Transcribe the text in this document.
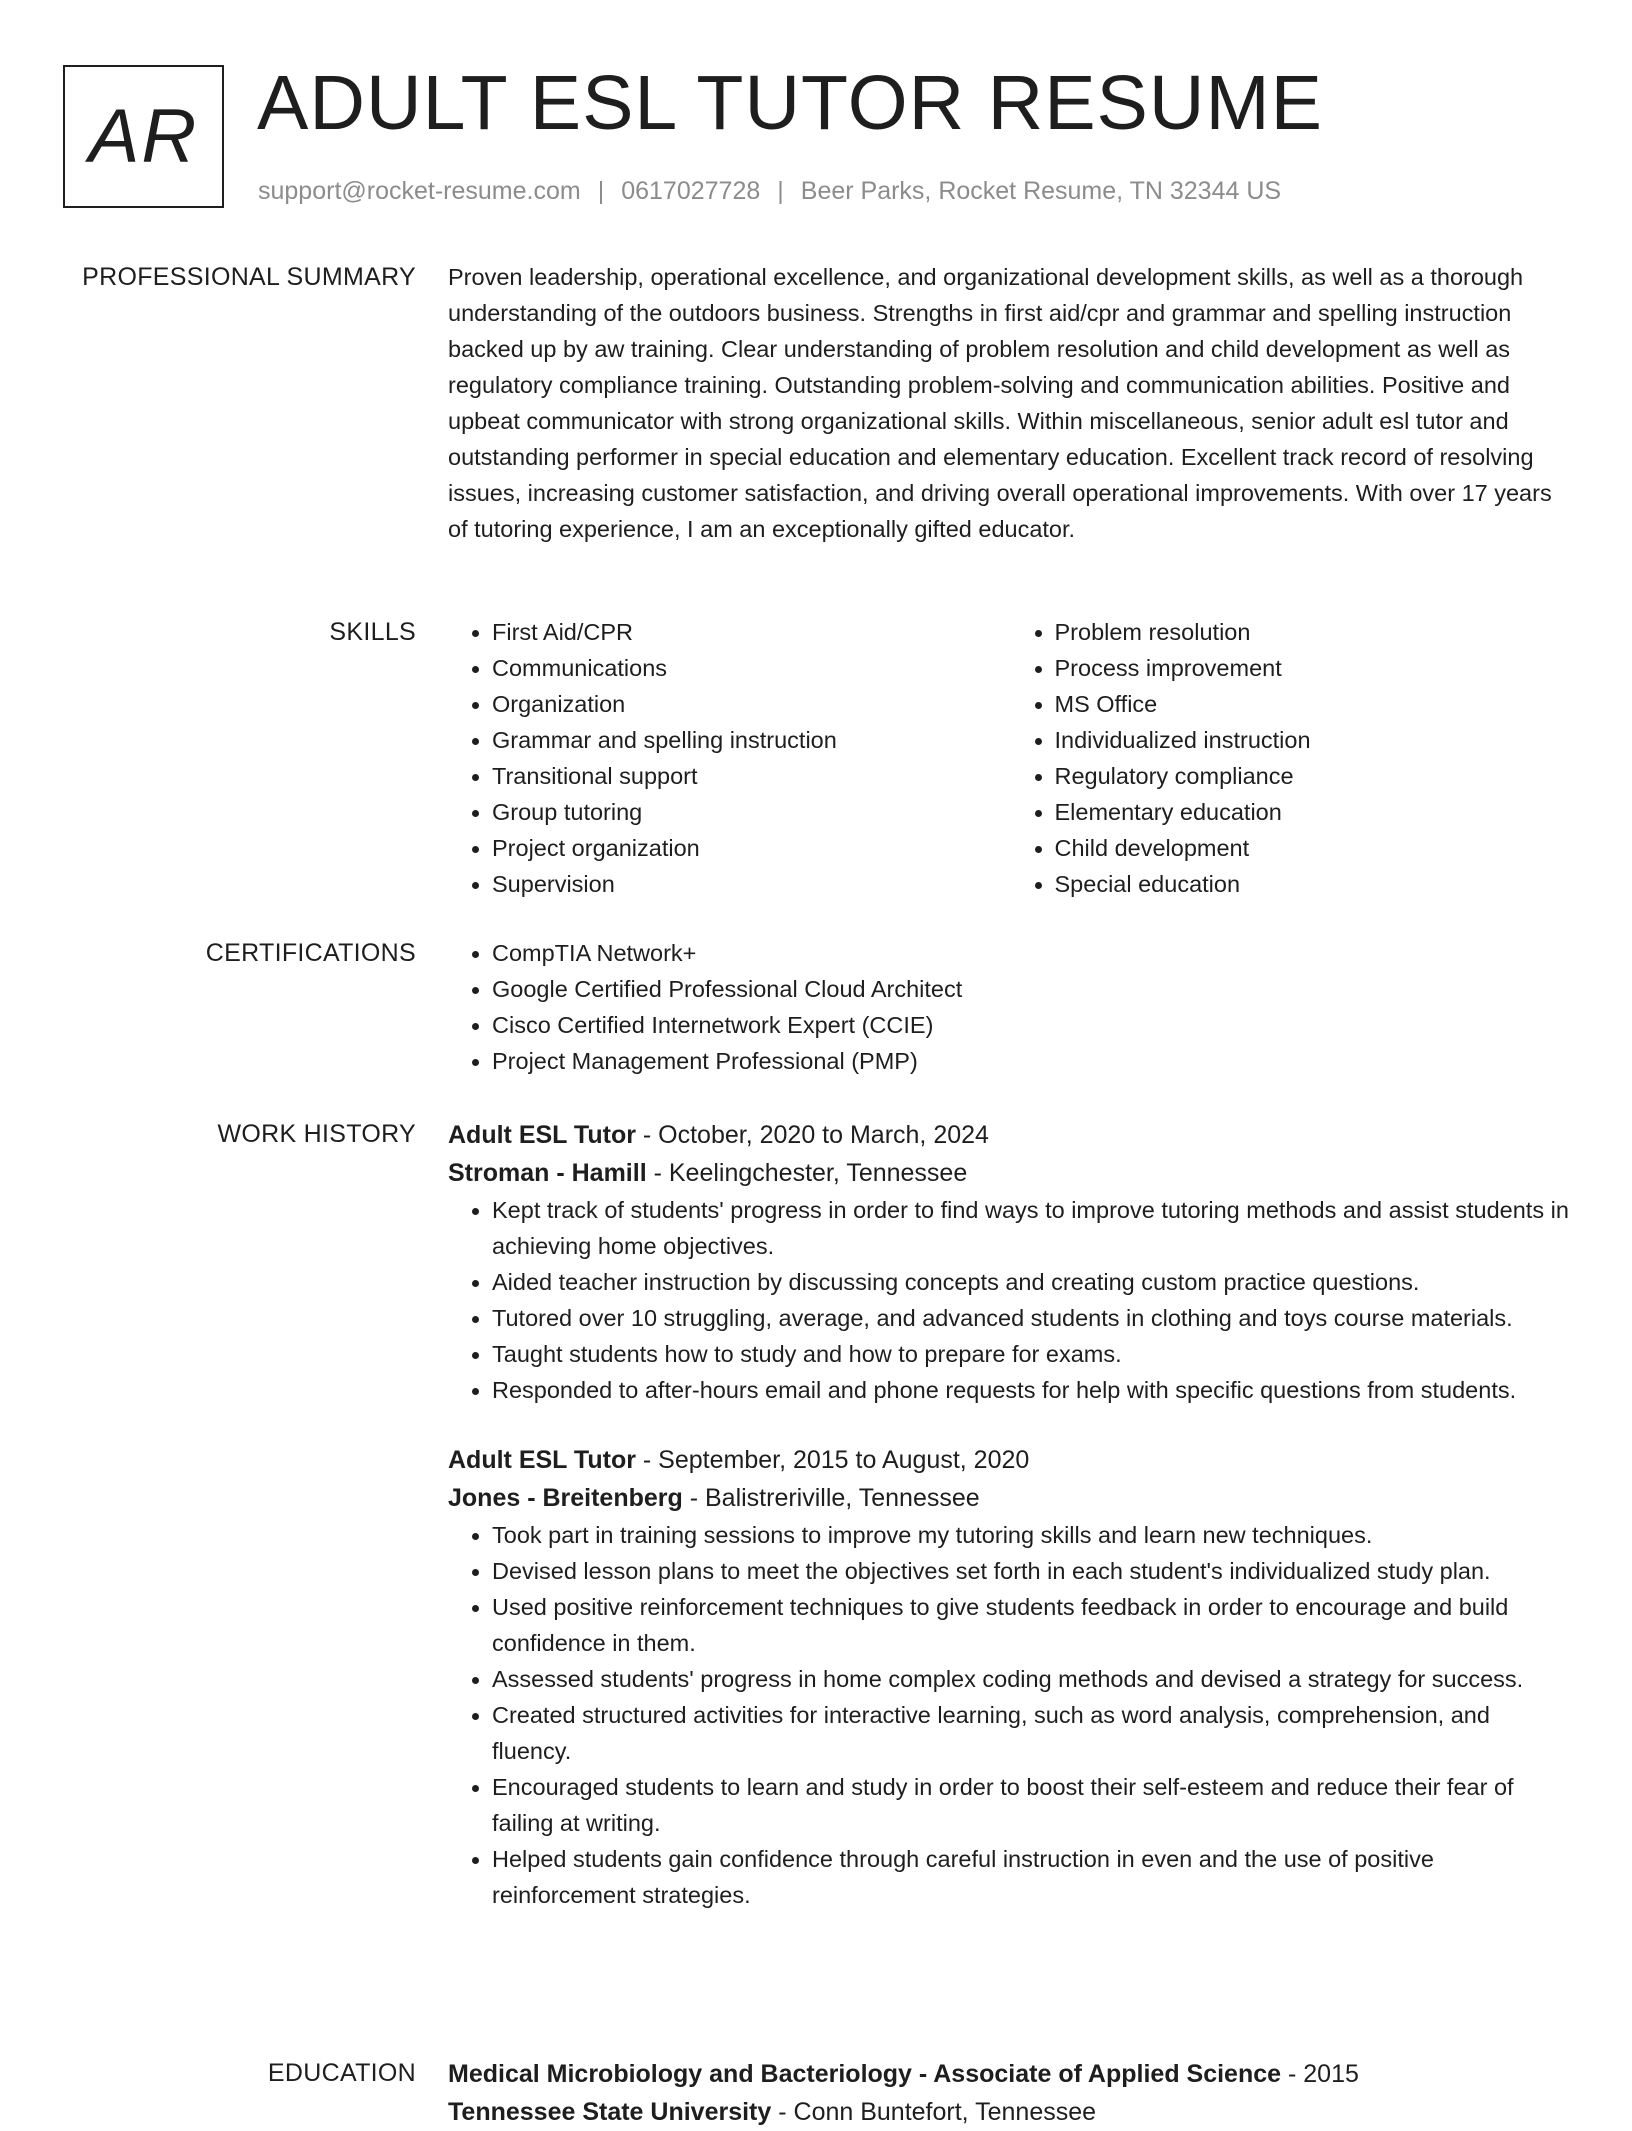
AR ADULT ESL TUTOR RESUME
support@rocket-resume.com | 0617027728 | Beer Parks, Rocket Resume, TN 32344 US
PROFESSIONAL SUMMARY Proven leadership, operational excellence, and organizational development skills, as well as a thorough understanding of the outdoors business. Strengths in first aid/cpr and grammar and spelling instruction backed up by aw training. Clear understanding of problem resolution and child development as well as regulatory compliance training. Outstanding problem-solving and communication abilities. Positive and upbeat communicator with strong organizational skills. Within miscellaneous, senior adult esl tutor and outstanding performer in special education and elementary education. Excellent track record of resolving issues, increasing customer satisfaction, and driving overall operational improvements. With over 17 years of tutoring experience, I am an exceptionally gifted educator.

SKILLS	• First Aid/CPR
• Communications
• Organization
• Grammar and spelling instruction
• Transitional support
• Group tutoring
• Project organization
• Supervision
• Problem resolution
• Process improvement
• MS Office
• Individualized instruction
• Regulatory compliance
• Elementary education
• Child development
• Special education
CERTIFICATIONS	• CompTIA Network+
• Google Certified Professional Cloud Architect
• Cisco Certified Internetwork Expert (CCIE)
• Project Management Professional (PMP)
WORK HISTORY Adult ESL Tutor - October, 2020 to March, 2024

Stroman - Hamill - Keelingchester, Tennessee

• Kept track of students' progress in order to find ways to improve tutoring methods and assist students in achieving home objectives.
• Aided teacher instruction by discussing concepts and creating custom practice questions.
• Tutored over 10 struggling, average, and advanced students in clothing and toys course materials.
• Taught students how to study and how to prepare for exams.
• Responded to after-hours email and phone requests for help with specific questions from students.

Adult ESL Tutor - September, 2015 to August, 2020

Jones - Breitenberg - Balistreriville, Tennessee

• Took part in training sessions to improve my tutoring skills and learn new techniques.
• Devised lesson plans to meet the objectives set forth in each student's individualized study plan.
• Used positive reinforcement techniques to give students feedback in order to encourage and build confidence in them.
• Assessed students' progress in home complex coding methods and devised a strategy for success.
• Created structured activities for interactive learning, such as word analysis, comprehension, and fluency.
• Encouraged students to learn and study in order to boost their self-esteem and reduce their fear of failing at writing.
• Helped students gain confidence through careful instruction in even and the use of positive reinforcement strategies.
EDUCATION Medical Microbiology and Bacteriology - Associate of Applied Science - 2015

Tennessee State University - Conn Buntefort, Tennessee
